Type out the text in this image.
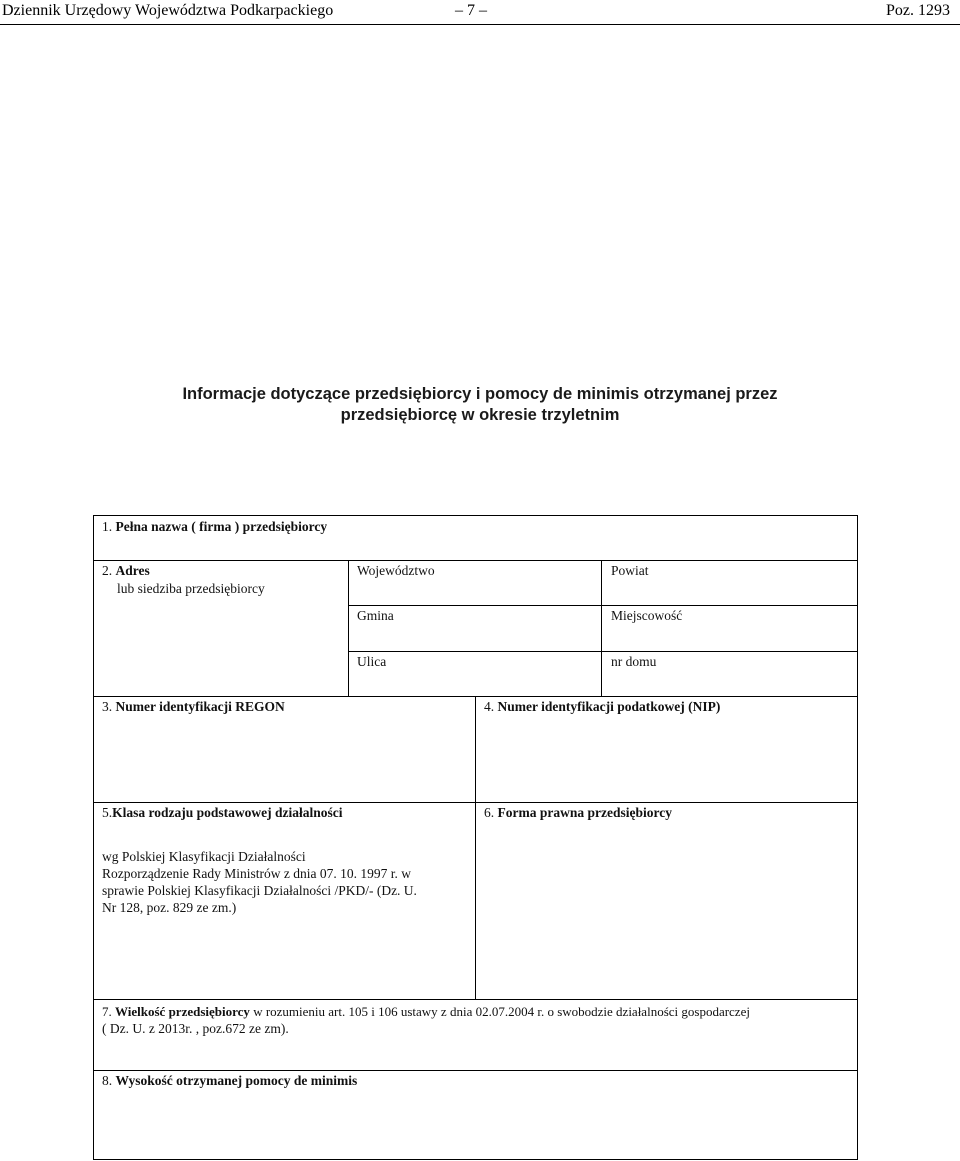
Dziennik Urzędowy Województwa Podkarpackiego	– 7 –	Poz. 1293
Informacje dotyczące przedsiębiorcy i pomocy de minimis otrzymanej przez
przedsiębiorcę w okresie trzyletnim
1. Pełna nazwa ( firma ) przedsiębiorcy
2. Adres
lub siedziba przedsiębiorcy
Województwo	Powiat
Gmina	Miejscowość
Ulica	nr domu
3. Numer identyfikacji REGON	4. Numer identyfikacji podatkowej (NIP)
5.Klasa rodzaju podstawowej działalności
wg Polskiej Klasyfikacji Działalności
Rozporządzenie Rady Ministrów z dnia 07. 10. 1997 r. w
sprawie Polskiej Klasyfikacji Działalności /PKD/- (Dz. U.
Nr 128, poz. 829 ze zm.)
6. Forma prawna przedsiębiorcy
7. Wielkość przedsiębiorcy w rozumieniu art. 105 i 106 ustawy z dnia 02.07.2004 r. o swobodzie działalności gospodarczej
( Dz. U. z 2013r. , poz.672 ze zm).
8. Wysokość otrzymanej pomocy de minimis
